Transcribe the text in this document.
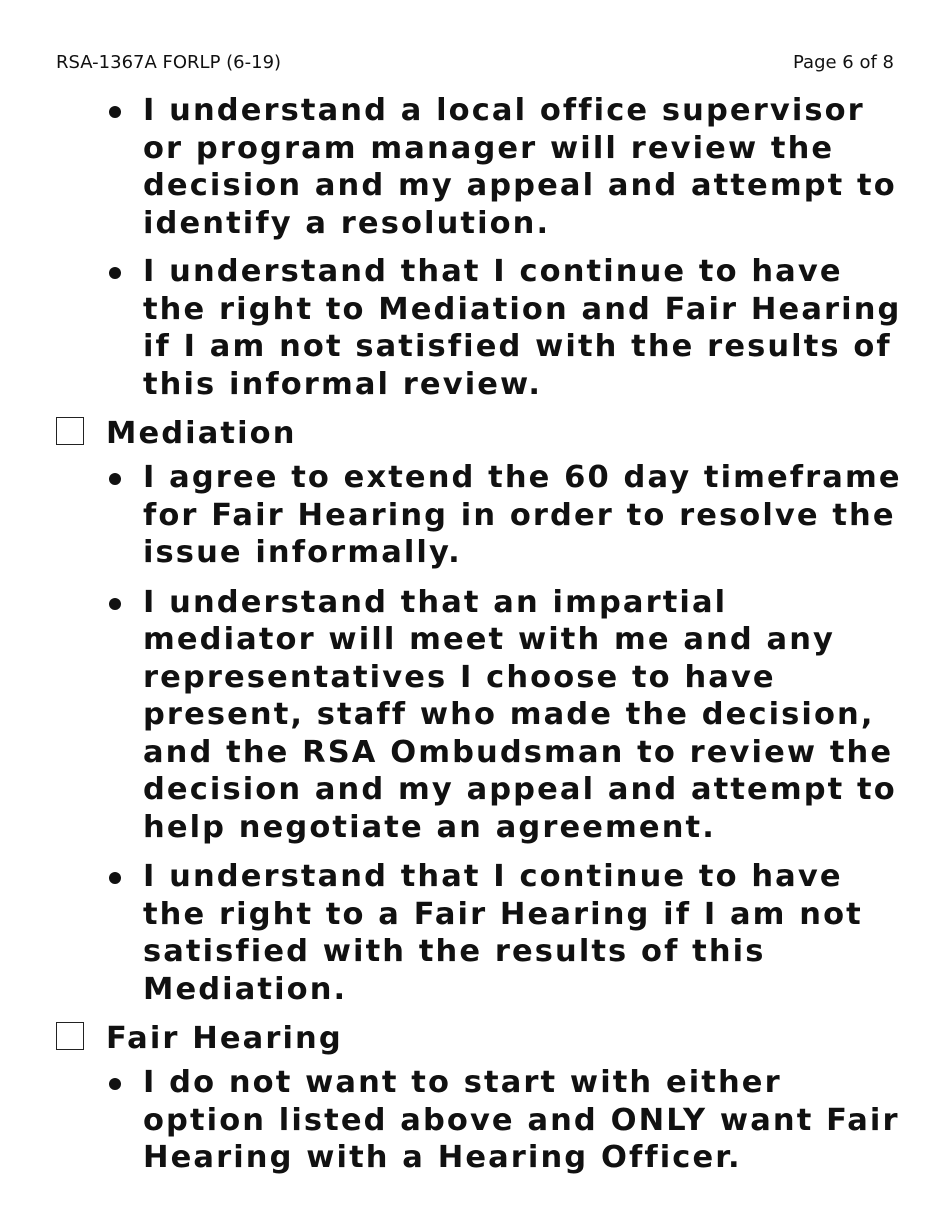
RSA-1367A FORLP (6-19)	Page 6 of 8
I understand a local office supervisor or program manager will review the decision and my appeal and attempt to identify a resolution.
I understand that I continue to have the right to Mediation and Fair Hearing if I am not satisfied with the results of this informal review.
Mediation
I agree to extend the 60 day timeframe for Fair Hearing in order to resolve the issue informally.
I understand that an impartial mediator will meet with me and any representatives I choose to have present, staff who made the decision, and the RSA Ombudsman to review the decision and my appeal and attempt to help negotiate an agreement.
I understand that I continue to have the right to a Fair Hearing if I am not satisfied with the results of this Mediation.
Fair Hearing
I do not want to start with either option listed above and ONLY want Fair Hearing with a Hearing Officer.
